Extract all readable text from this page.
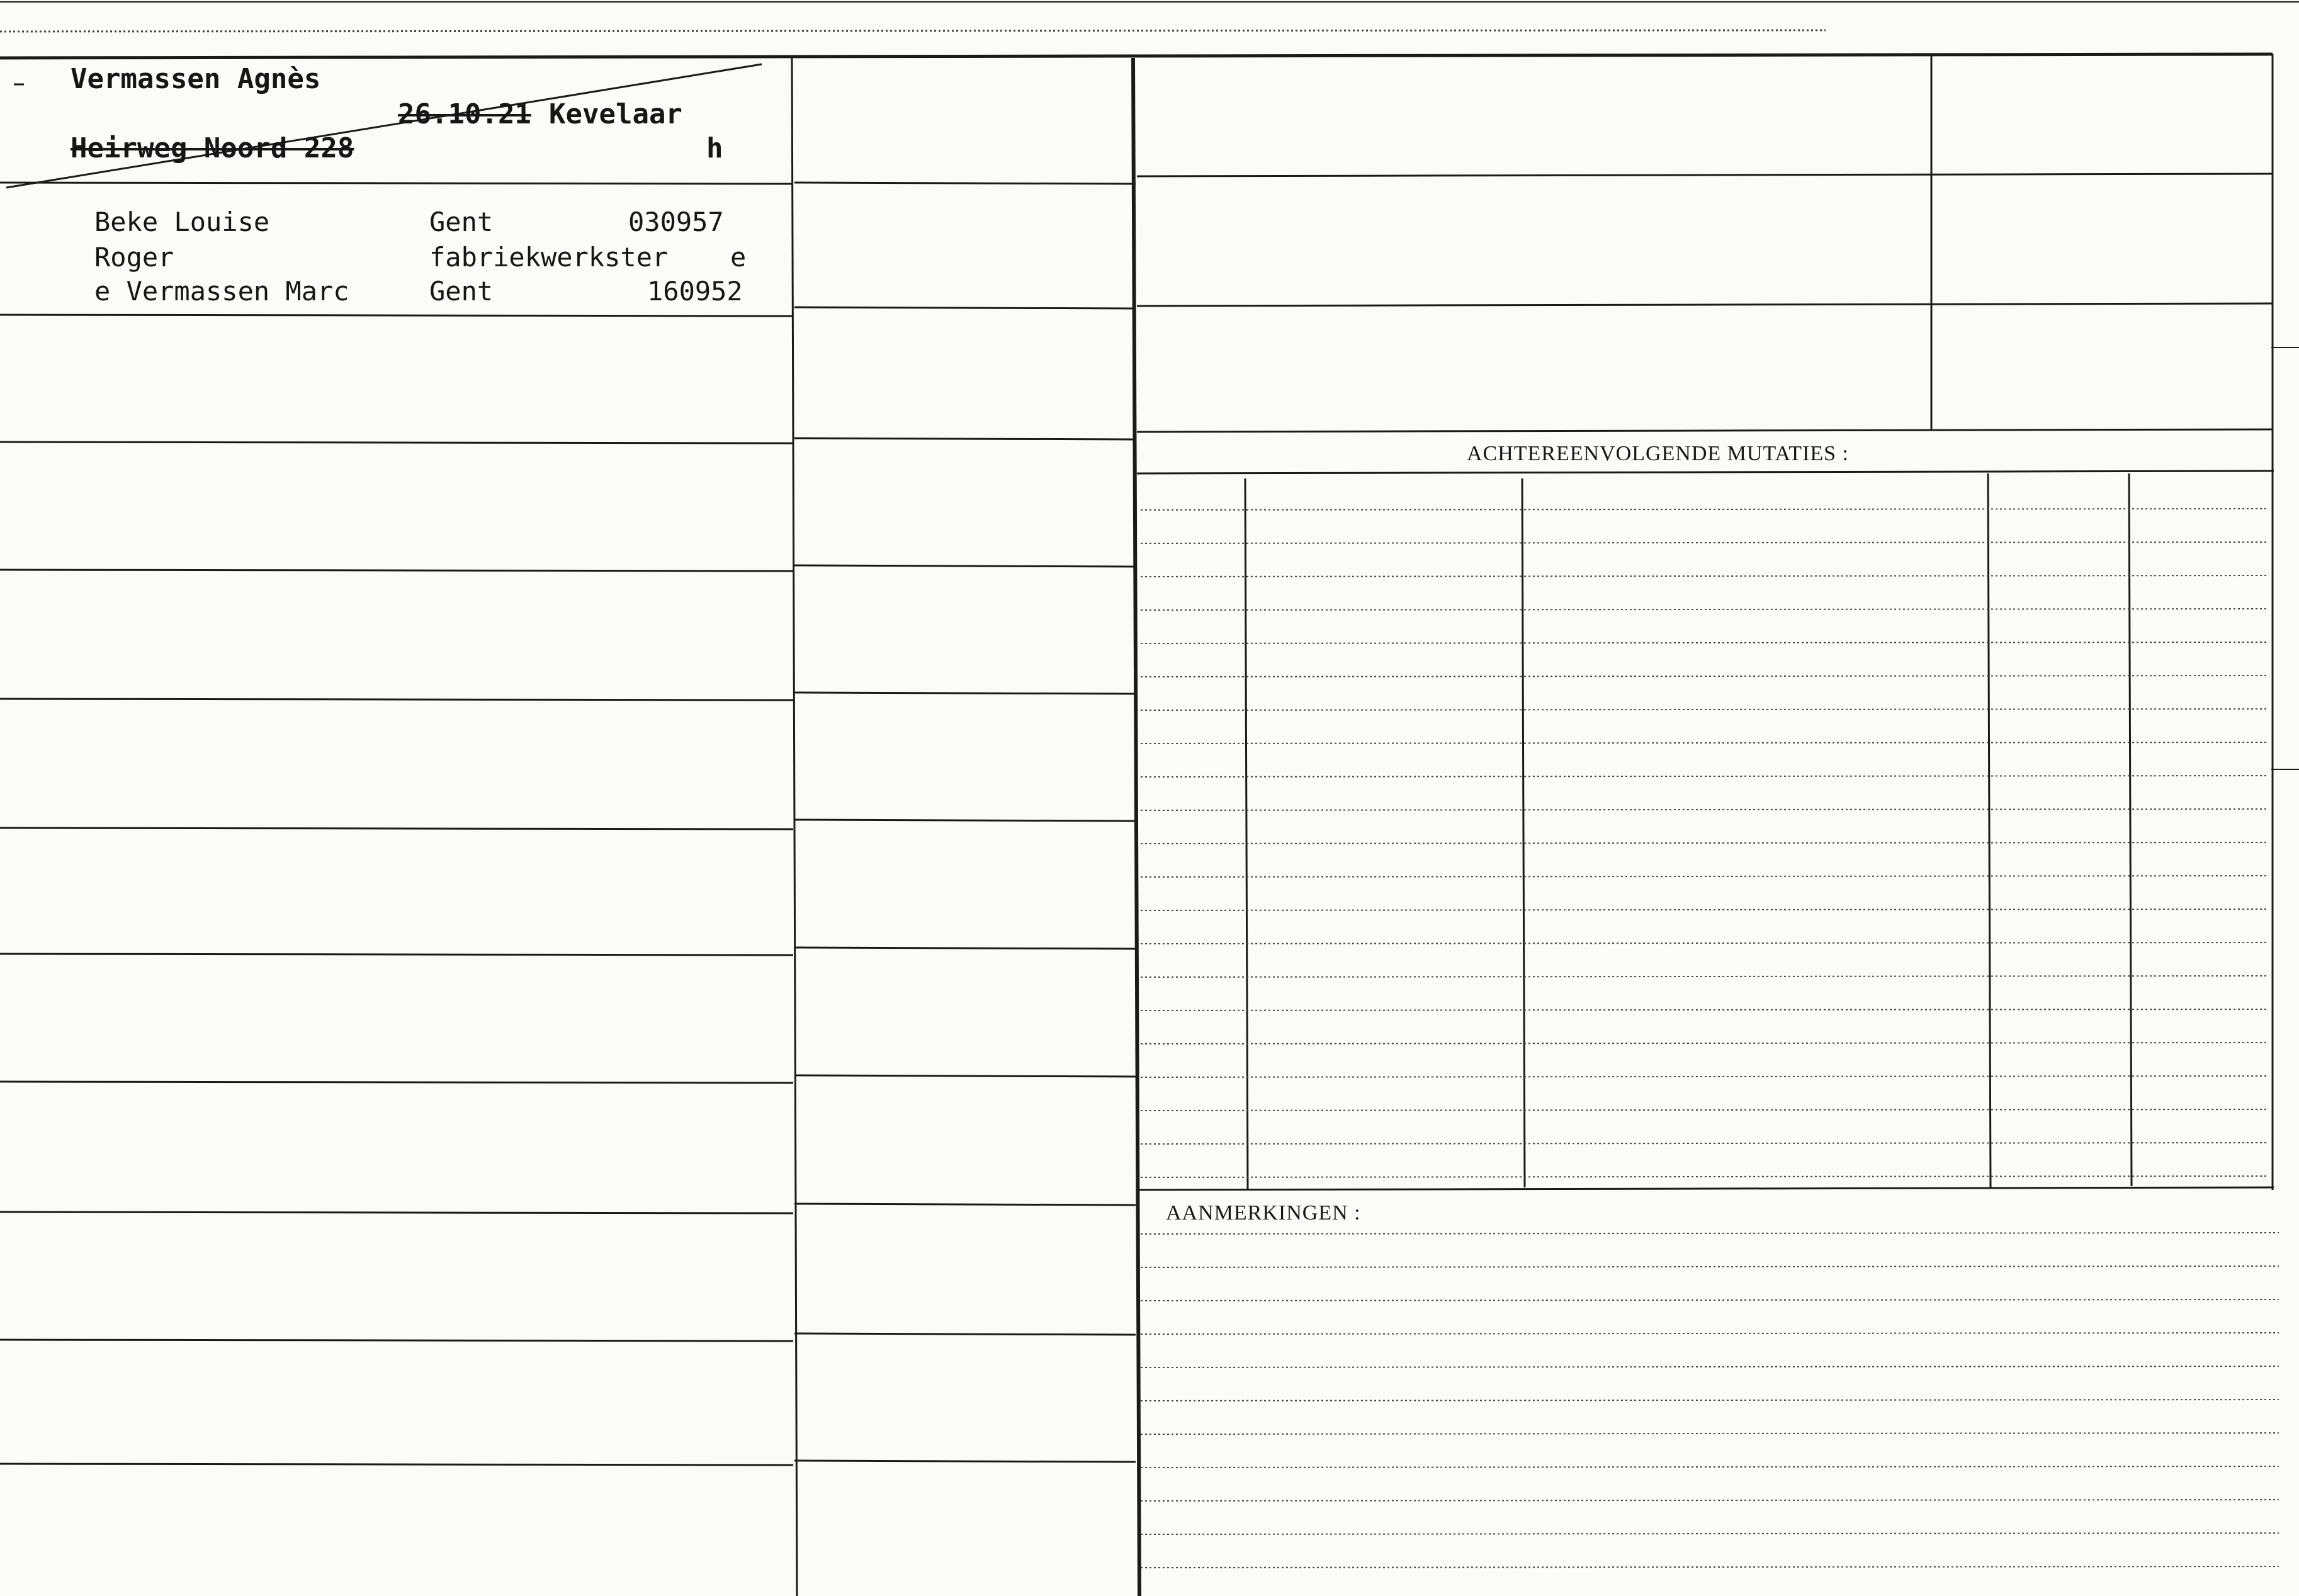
Vermassen Agnès
26.10.21 Kevelaar
Heirweg Noord 228	h
Beke Louise	Gent	030957
Roger	fabriekwerkster e
e Vermassen Marc	Gent	160952
ACHTEREENVOLGENDE MUTATIES :
AANMERKINGEN :
